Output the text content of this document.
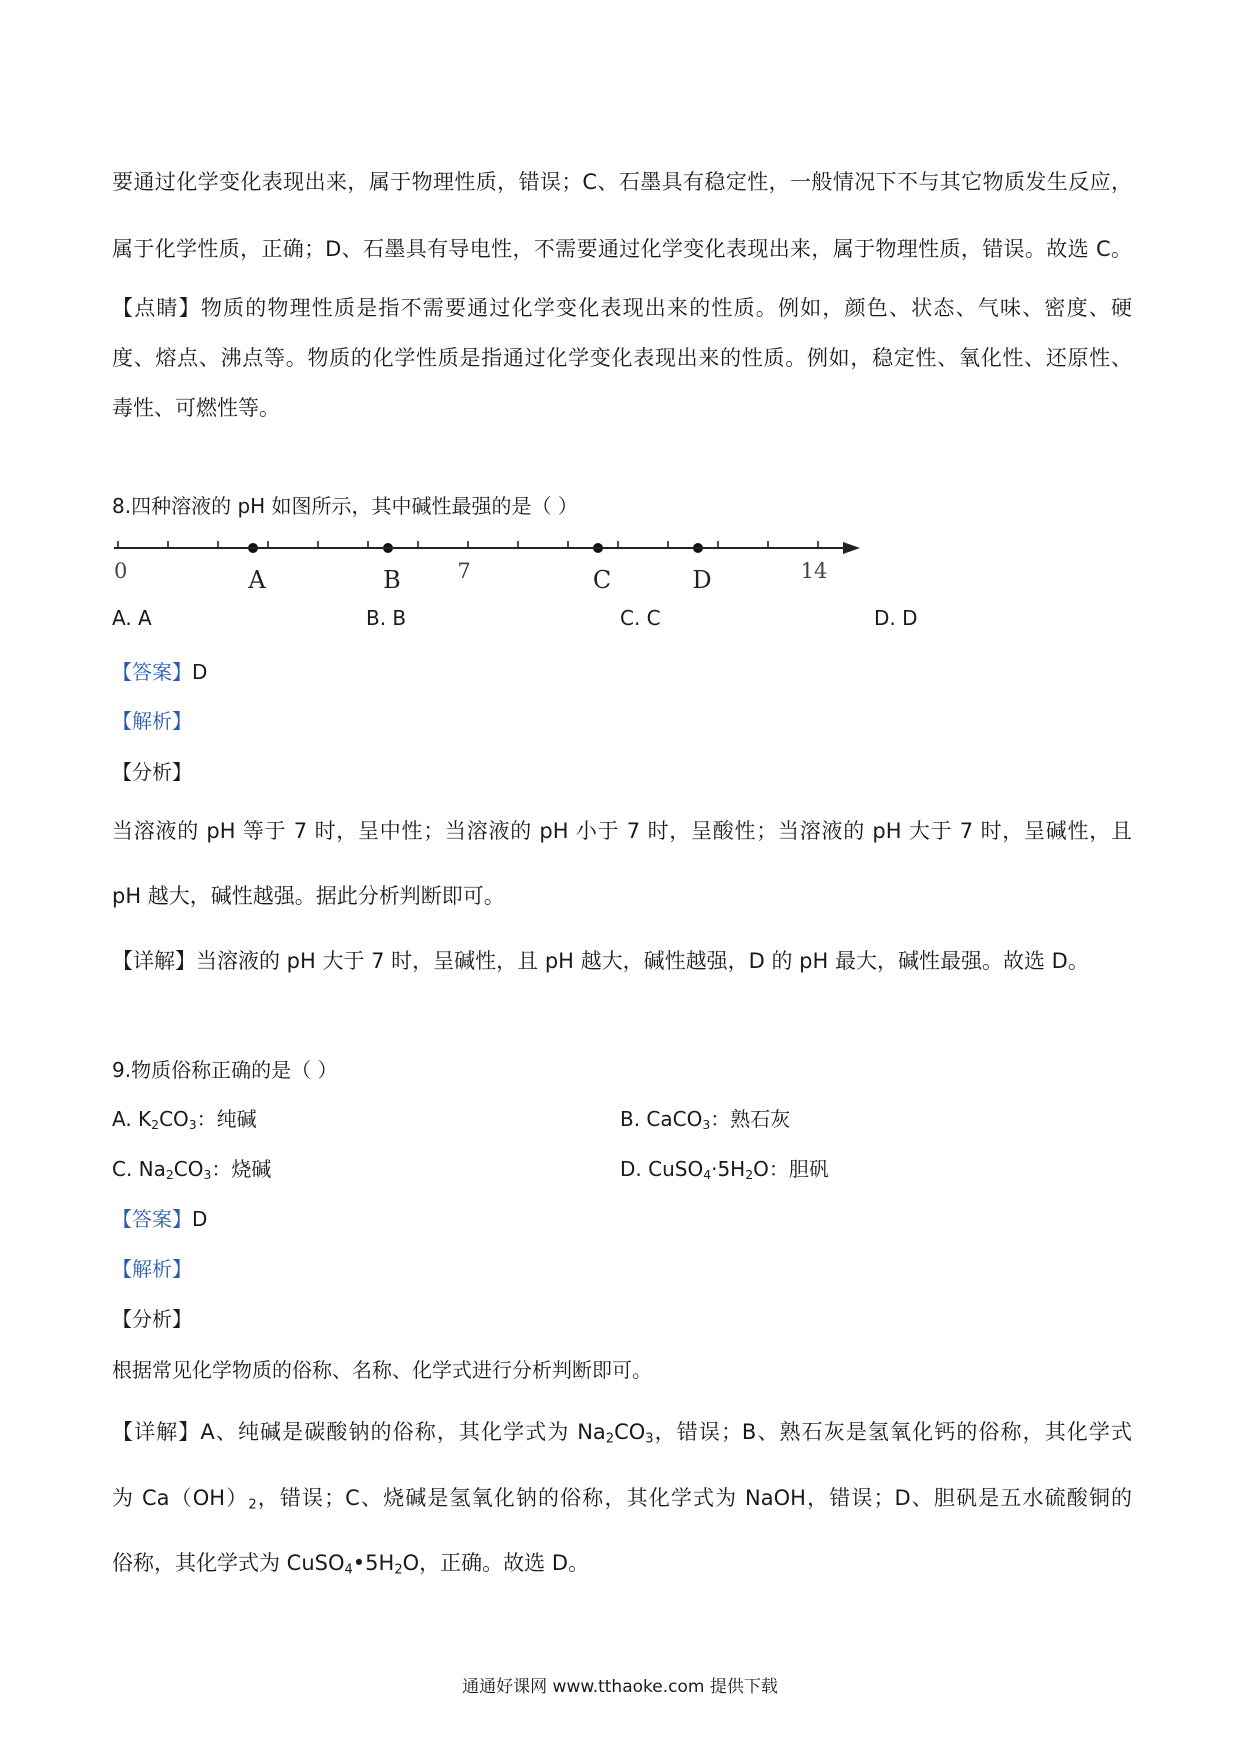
要通过化学变化表现出来，属于物理性质，错误；C、石墨具有稳定性，一般情况下不与其它物质发生反应，
属于化学性质，正确；D、石墨具有导电性，不需要通过化学变化表现出来，属于物理性质，错误。故选 C。
【点睛】物质的物理性质是指不需要通过化学变化表现出来的性质。例如，颜色、状态、气味、密度、硬
度、熔点、沸点等。物质的化学性质是指通过化学变化表现出来的性质。例如，稳定性、氧化性、还原性、
毒性、可燃性等。
8.四种溶液的 pH 如图所示，其中碱性最强的是（ ）
0	7	14
A	B	C	D
A. A	B. B	C. C	D. D
【答案】D
【解析】
【分析】
当溶液的 pH 等于 7 时，呈中性；当溶液的 pH 小于 7 时，呈酸性；当溶液的 pH 大于 7 时，呈碱性，且
pH 越大，碱性越强。据此分析判断即可。
【详解】当溶液的 pH 大于 7 时，呈碱性，且 pH 越大，碱性越强，D 的 pH 最大，碱性最强。故选 D。
9.物质俗称正确的是（ ）
A. $K_2CO_3$：纯碱	B. CaCO$_3$：熟石灰
C. $Na_2CO_3$：烧碱	D. $CuSO_4\cdot 5H_2O$：胆矾
【答案】D
【解析】
【分析】
根据常见化学物质的俗称、名称、化学式进行分析判断即可。
【详解】A、纯碱是碳酸钠的俗称，其化学式为 $Na_2CO_3$，错误；B、熟石灰是氢氧化钙的俗称，其化学式
为 $Ca(OH)_2$，错误；C、烧碱是氢氧化钠的俗称，其化学式为 NaOH，错误；D、胆矾是五水硫酸铜的
俗称，其化学式为 $CuSO_4•5H_2O$，正确。故选 D。
通通好课网 www.tthaoke.com 提供下载
